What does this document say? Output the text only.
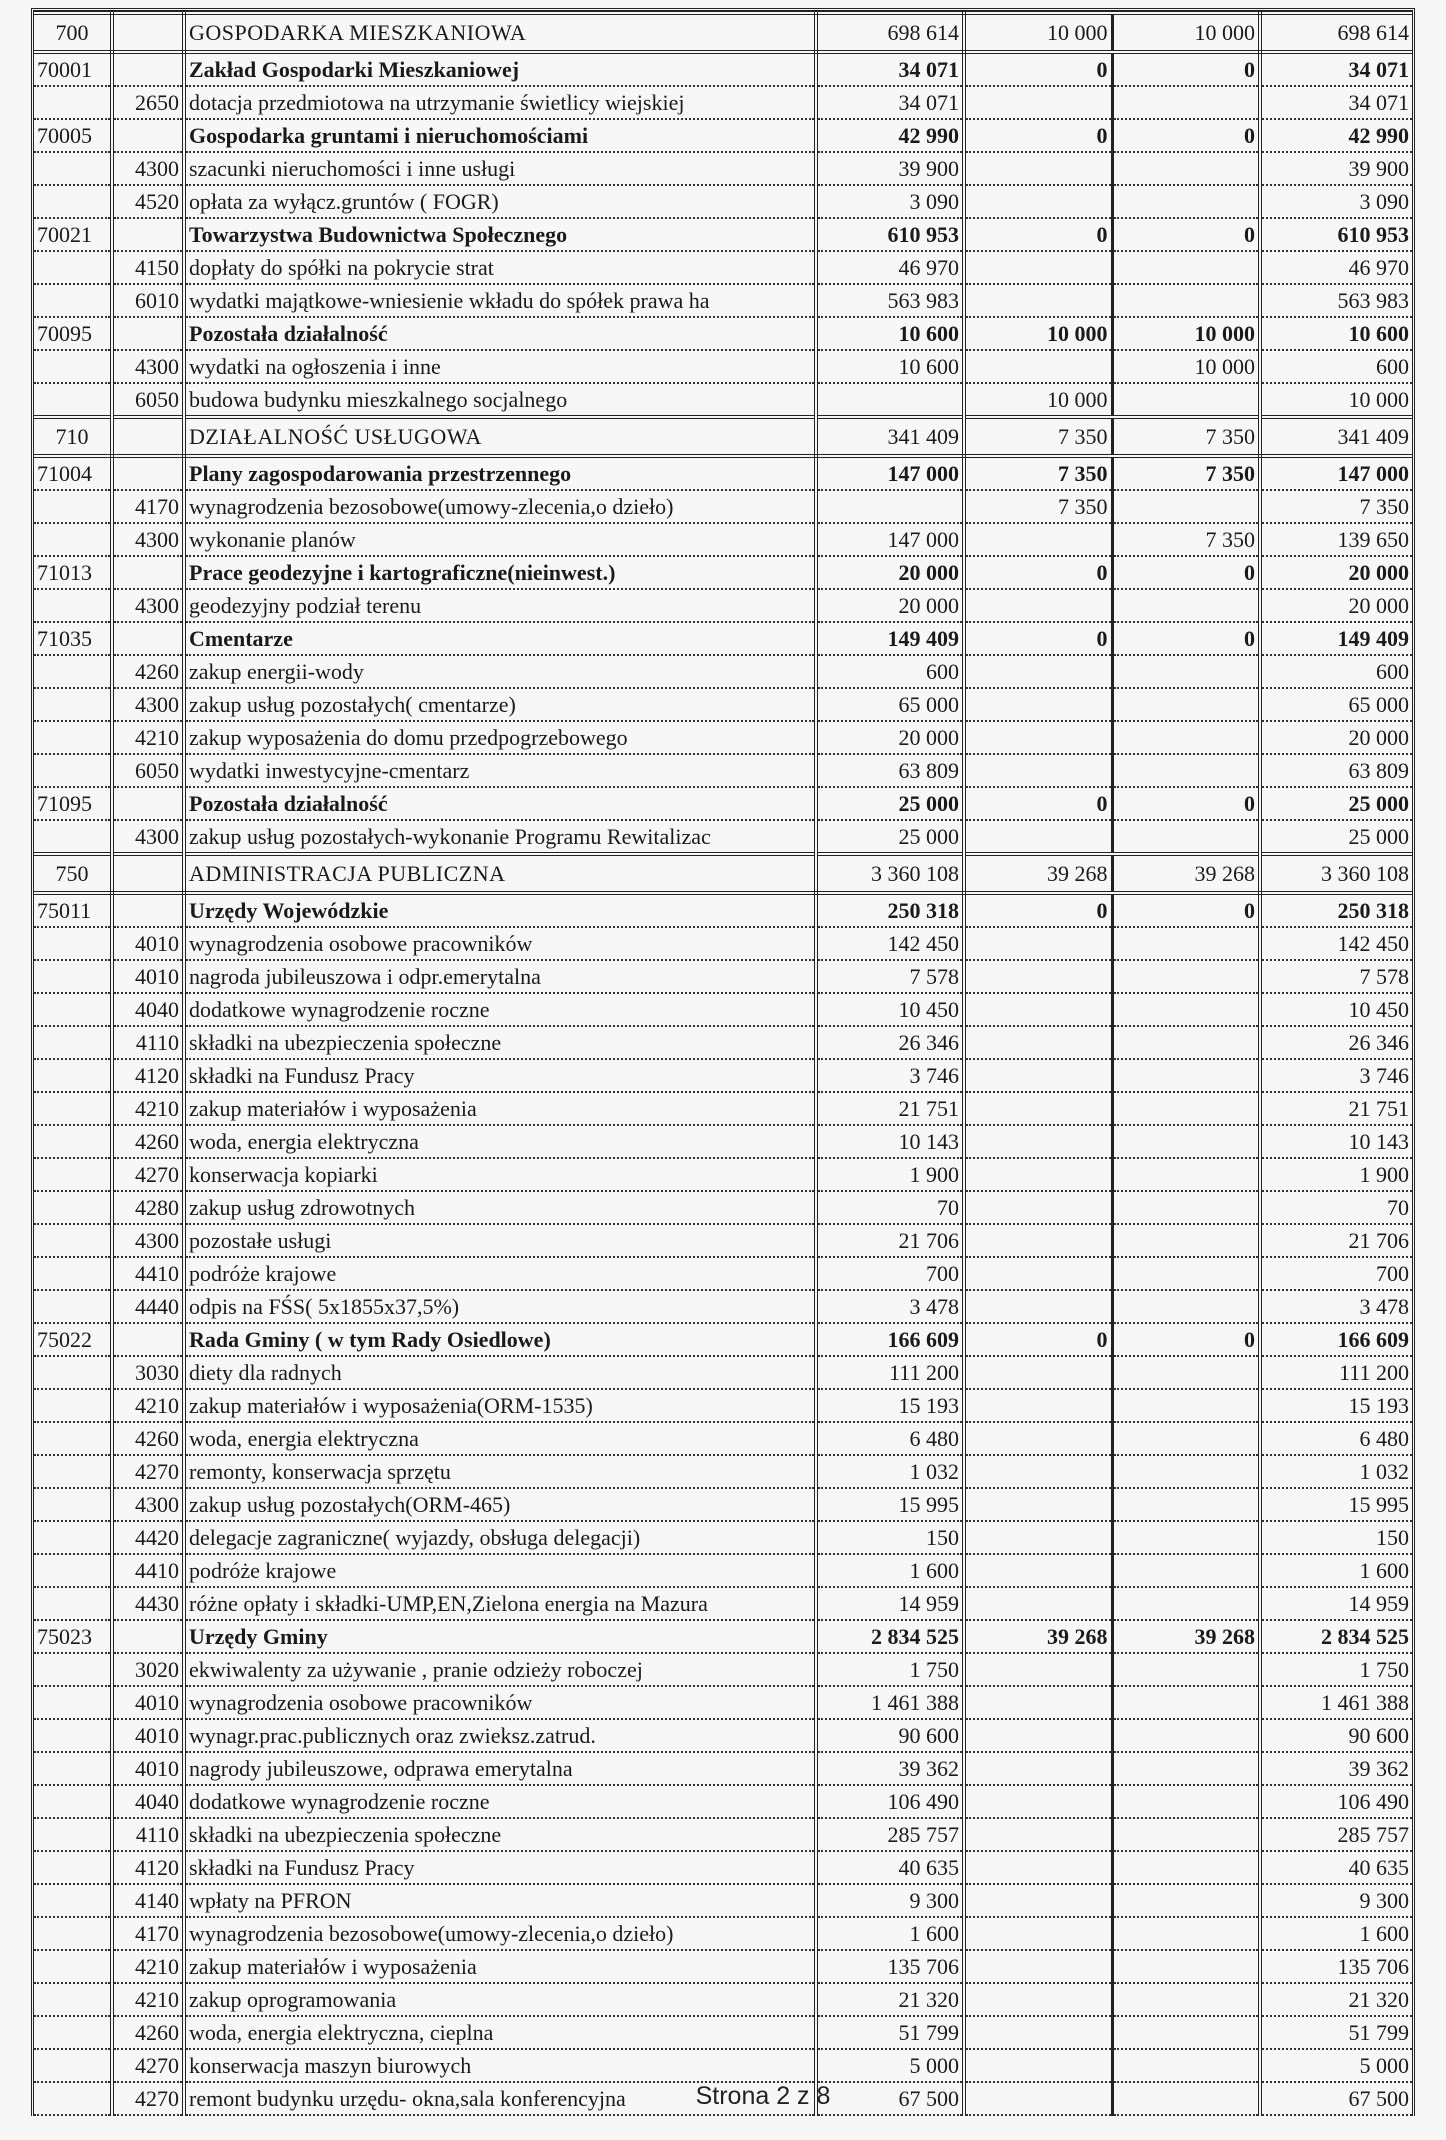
700		GOSPODARKA MIESZKANIOWA	698 614	10 000	10 000	698 614
70001		Zakład Gospodarki Mieszkaniowej	34 071	0	0	34 071
	2650	dotacja przedmiotowa na utrzymanie świetlicy wiejskiej	34 071			34 071
70005		Gospodarka gruntami i nieruchomościami	42 990	0	0	42 990
	4300	szacunki nieruchomości i inne usługi	39 900			39 900
	4520	opłata za wyłącz.gruntów ( FOGR)	3 090			3 090
70021		Towarzystwa Budownictwa Społecznego	610 953	0	0	610 953
	4150	dopłaty do spółki na pokrycie strat	46 970			46 970
	6010	wydatki majątkowe-wniesienie wkładu do spółek prawa ha	563 983			563 983
70095		Pozostała działalność	10 600	10 000	10 000	10 600
	4300	wydatki na ogłoszenia i inne	10 600		10 000	600
	6050	budowa budynku mieszkalnego socjalnego		10 000		10 000
710		DZIAŁALNOŚĆ USŁUGOWA	341 409	7 350	7 350	341 409
71004		Plany zagospodarowania przestrzennego	147 000	7 350	7 350	147 000
	4170	wynagrodzenia bezosobowe(umowy-zlecenia,o dzieło)		7 350		7 350
	4300	wykonanie planów	147 000		7 350	139 650
71013		Prace geodezyjne i kartograficzne(nieinwest.)	20 000	0	0	20 000
	4300	geodezyjny podział terenu	20 000			20 000
71035		Cmentarze	149 409	0	0	149 409
	4260	zakup energii-wody	600			600
	4300	zakup usług pozostałych( cmentarze)	65 000			65 000
	4210	zakup wyposażenia do domu przedpogrzebowego	20 000			20 000
	6050	wydatki inwestycyjne-cmentarz	63 809			63 809
71095		Pozostała działalność	25 000	0	0	25 000
	4300	zakup usług pozostałych-wykonanie Programu Rewitalizac	25 000			25 000
750		ADMINISTRACJA PUBLICZNA	3 360 108	39 268	39 268	3 360 108
75011		Urzędy Wojewódzkie	250 318	0	0	250 318
	4010	wynagrodzenia osobowe pracowników	142 450			142 450
	4010	nagroda jubileuszowa i odpr.emerytalna	7 578			7 578
	4040	dodatkowe wynagrodzenie roczne	10 450			10 450
	4110	składki na ubezpieczenia społeczne	26 346			26 346
	4120	składki na Fundusz Pracy	3 746			3 746
	4210	zakup materiałów i wyposażenia	21 751			21 751
	4260	woda, energia elektryczna	10 143			10 143
	4270	konserwacja kopiarki	1 900			1 900
	4280	zakup usług zdrowotnych	70			70
	4300	pozostałe usługi	21 706			21 706
	4410	podróże krajowe	700			700
	4440	odpis na FŚS( 5x1855x37,5%)	3 478			3 478
75022		Rada Gminy ( w tym Rady Osiedlowe)	166 609	0	0	166 609
	3030	diety dla radnych	111 200			111 200
	4210	zakup materiałów i wyposażenia(ORM-1535)	15 193			15 193
	4260	woda, energia elektryczna	6 480			6 480
	4270	remonty, konserwacja sprzętu	1 032			1 032
	4300	zakup usług pozostałych(ORM-465)	15 995			15 995
	4420	delegacje zagraniczne( wyjazdy, obsługa delegacji)	150			150
	4410	podróże krajowe	1 600			1 600
	4430	różne opłaty i składki-UMP,EN,Zielona energia na Mazura	14 959			14 959
75023		Urzędy Gminy	2 834 525	39 268	39 268	2 834 525
	3020	ekwiwalenty za używanie , pranie odzieży roboczej	1 750			1 750
	4010	wynagrodzenia osobowe pracowników	1 461 388			1 461 388
	4010	wynagr.prac.publicznych oraz zwieksz.zatrud.	90 600			90 600
	4010	nagrody jubileuszowe, odprawa emerytalna	39 362			39 362
	4040	dodatkowe wynagrodzenie roczne	106 490			106 490
	4110	składki na ubezpieczenia społeczne	285 757			285 757
	4120	składki na Fundusz Pracy	40 635			40 635
	4140	wpłaty na PFRON	9 300			9 300
	4170	wynagrodzenia bezosobowe(umowy-zlecenia,o dzieło)	1 600			1 600
	4210	zakup materiałów i wyposażenia	135 706			135 706
	4210	zakup oprogramowania	21 320			21 320
	4260	woda, energia elektryczna, cieplna	51 799			51 799
	4270	konserwacja maszyn biurowych	5 000			5 000
	4270	remont budynku urzędu- okna,sala konferencyjna	67 500			67 500
Strona 2 z 8
